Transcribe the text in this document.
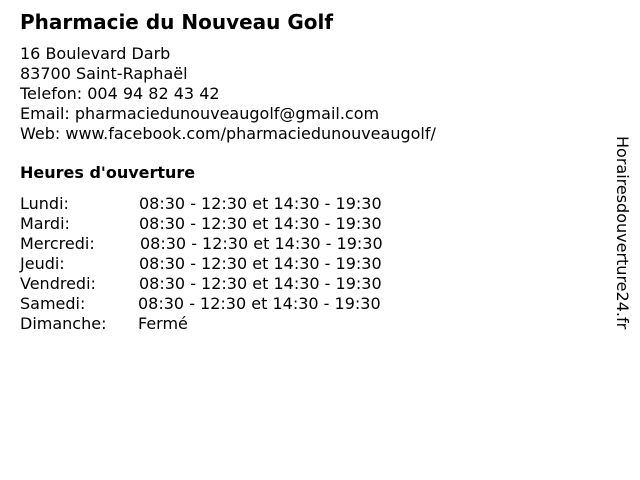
Pharmacie du Nouveau Golf
16 Boulevard Darb
83700 Saint-Raphaël
Telefon: 004 94 82 43 42
Email: pharmaciedunouveaugolf@gmail.com
Web: www.facebook.com/pharmaciedunouveaugolf/
Heures d'ouverture
Lundi:	08:30 - 12:30 et 14:30 - 19:30
Mardi:	08:30 - 12:30 et 14:30 - 19:30
Mercredi:	08:30 - 12:30 et 14:30 - 19:30
Jeudi:	08:30 - 12:30 et 14:30 - 19:30
Vendredi:	08:30 - 12:30 et 14:30 - 19:30
Samedi:	08:30 - 12:30 et 14:30 - 19:30
Dimanche: Fermé	Horairesdouverture24.fr
